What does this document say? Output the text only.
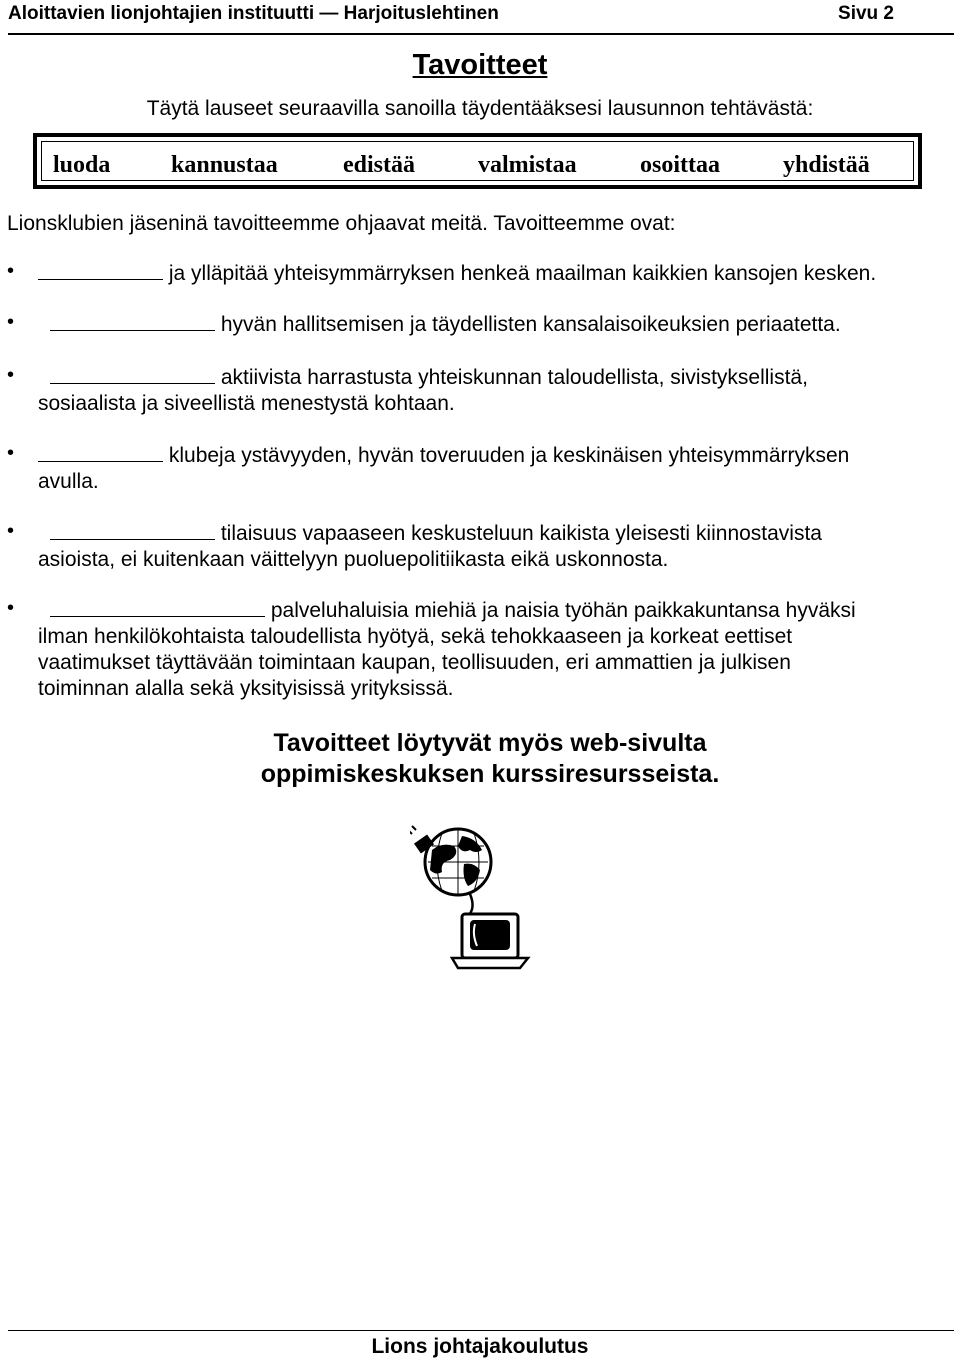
Aloittavien lionjohtajien instituutti — Harjoituslehtinen	Sivu 2
Tavoitteet
Täytä lauseet seuraavilla sanoilla täydentääksesi lausunnon tehtävästä:
luoda	kannustaa	edistää	valmistaa	osoittaa	yhdistää
Lionsklubien jäseninä tavoitteemme ohjaavat meitä. Tavoitteemme ovat:
•	ja ylläpitää yhteisymmärryksen henkeä maailman kaikkien kansojen kesken.
•	hyvän hallitsemisen ja täydellisten kansalaisoikeuksien periaatetta.
•	aktiivista harrastusta yhteiskunnan taloudellista, sivistyksellistä,
sosiaalista ja siveellistä menestystä kohtaan.
•	klubeja ystävyyden, hyvän toveruuden ja keskinäisen yhteisymmärryksen
avulla.
•	tilaisuus vapaaseen keskusteluun kaikista yleisesti kiinnostavista
asioista, ei kuitenkaan väittelyyn puoluepolitiikasta eikä uskonnosta.
•	palveluhaluisia miehiä ja naisia työhän paikkakuntansa hyväksi
ilman henkilökohtaista taloudellista hyötyä, sekä tehokkaaseen ja korkeat eettiset
vaatimukset täyttävään toimintaan kaupan, teollisuuden, eri ammattien ja julkisen
toiminnan alalla sekä yksityisissä yrityksissä.
Tavoitteet löytyvät myös web-sivulta
oppimiskeskuksen kurssiresursseista.
Lions johtajakoulutus
